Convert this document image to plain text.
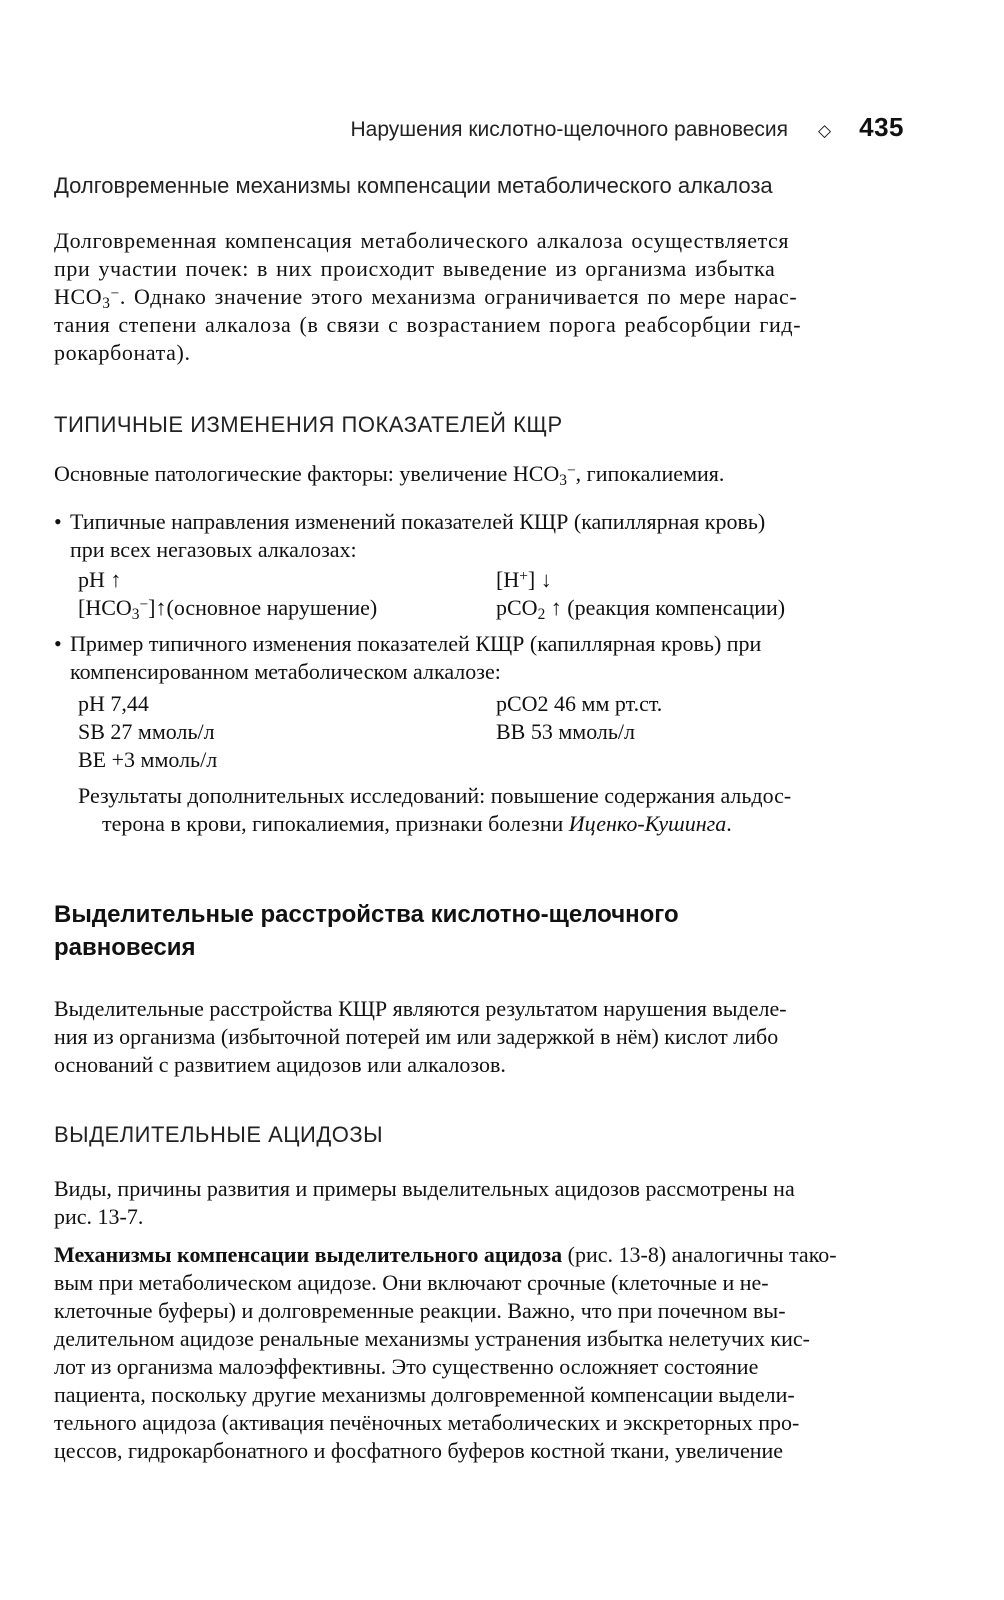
Нарушения кислотно-щелочного равновесия ◇ 435
Долговременные механизмы компенсации метаболического алкалоза
Долговременная компенсация метаболического алкалоза осуществляется
при участии почек: в них происходит выведение из организма избытка
$HCO_3^-$. Однако значение этого механизма ограничивается по мере нарас-
тания степени алкалоза (в связи с возрастанием порога реабсорбции гид-
рокарбоната).
ТИПИЧНЫЕ ИЗМЕНЕНИЯ ПОКАЗАТЕЛЕЙ КЩР
Основные патологические факторы: увеличение $HCO_3^-$, гипокалиемия.
• Типичные направления изменений показателей КЩР (капиллярная кровь)
при всех негазовых алкалозах:
pH ↑	[H+] ↓
$[HCO_3^-]↑(основное$ нарушение)	pCO$_2$ ↑ (реакция компенсации)
• Пример типичного изменения показателей КЩР (капиллярная кровь) при
компенсированном метаболическом алкалозе:
pH 7,44	pCO2 46 мм рт.ст.
SB 27 ммоль/л	BB 53 ммоль/л
BE +3 ммоль/л
Результаты дополнительных исследований: повышение содержания альдос-
терона в крови, гипокалиемия, признаки болезни Иценко-Кушинга.
Выделительные расстройства кислотно-щелочного
равновесия
Выделительные расстройства КЩР являются результатом нарушения выделе-
ния из организма (избыточной потерей им или задержкой в нём) кислот либо
оснований с развитием ацидозов или алкалозов.
ВЫДЕЛИТЕЛЬНЫЕ АЦИДОЗЫ
Виды, причины развития и примеры выделительных ацидозов рассмотрены на
рис. 13-7.
Механизмы компенсации выделительного ацидоза (рис. 13-8) аналогичны тако-
вым при метаболическом ацидозе. Они включают срочные (клеточные и не-
клеточные буферы) и долговременные реакции. Важно, что при почечном вы-
делительном ацидозе ренальные механизмы устранения избытка нелетучих кис-
лот из организма малоэффективны. Это существенно осложняет состояние
пациента, поскольку другие механизмы долговременной компенсации выдели-
тельного ацидоза (активация печёночных метаболических и экскреторных про-
цессов, гидрокарбонатного и фосфатного буферов костной ткани, увеличение
